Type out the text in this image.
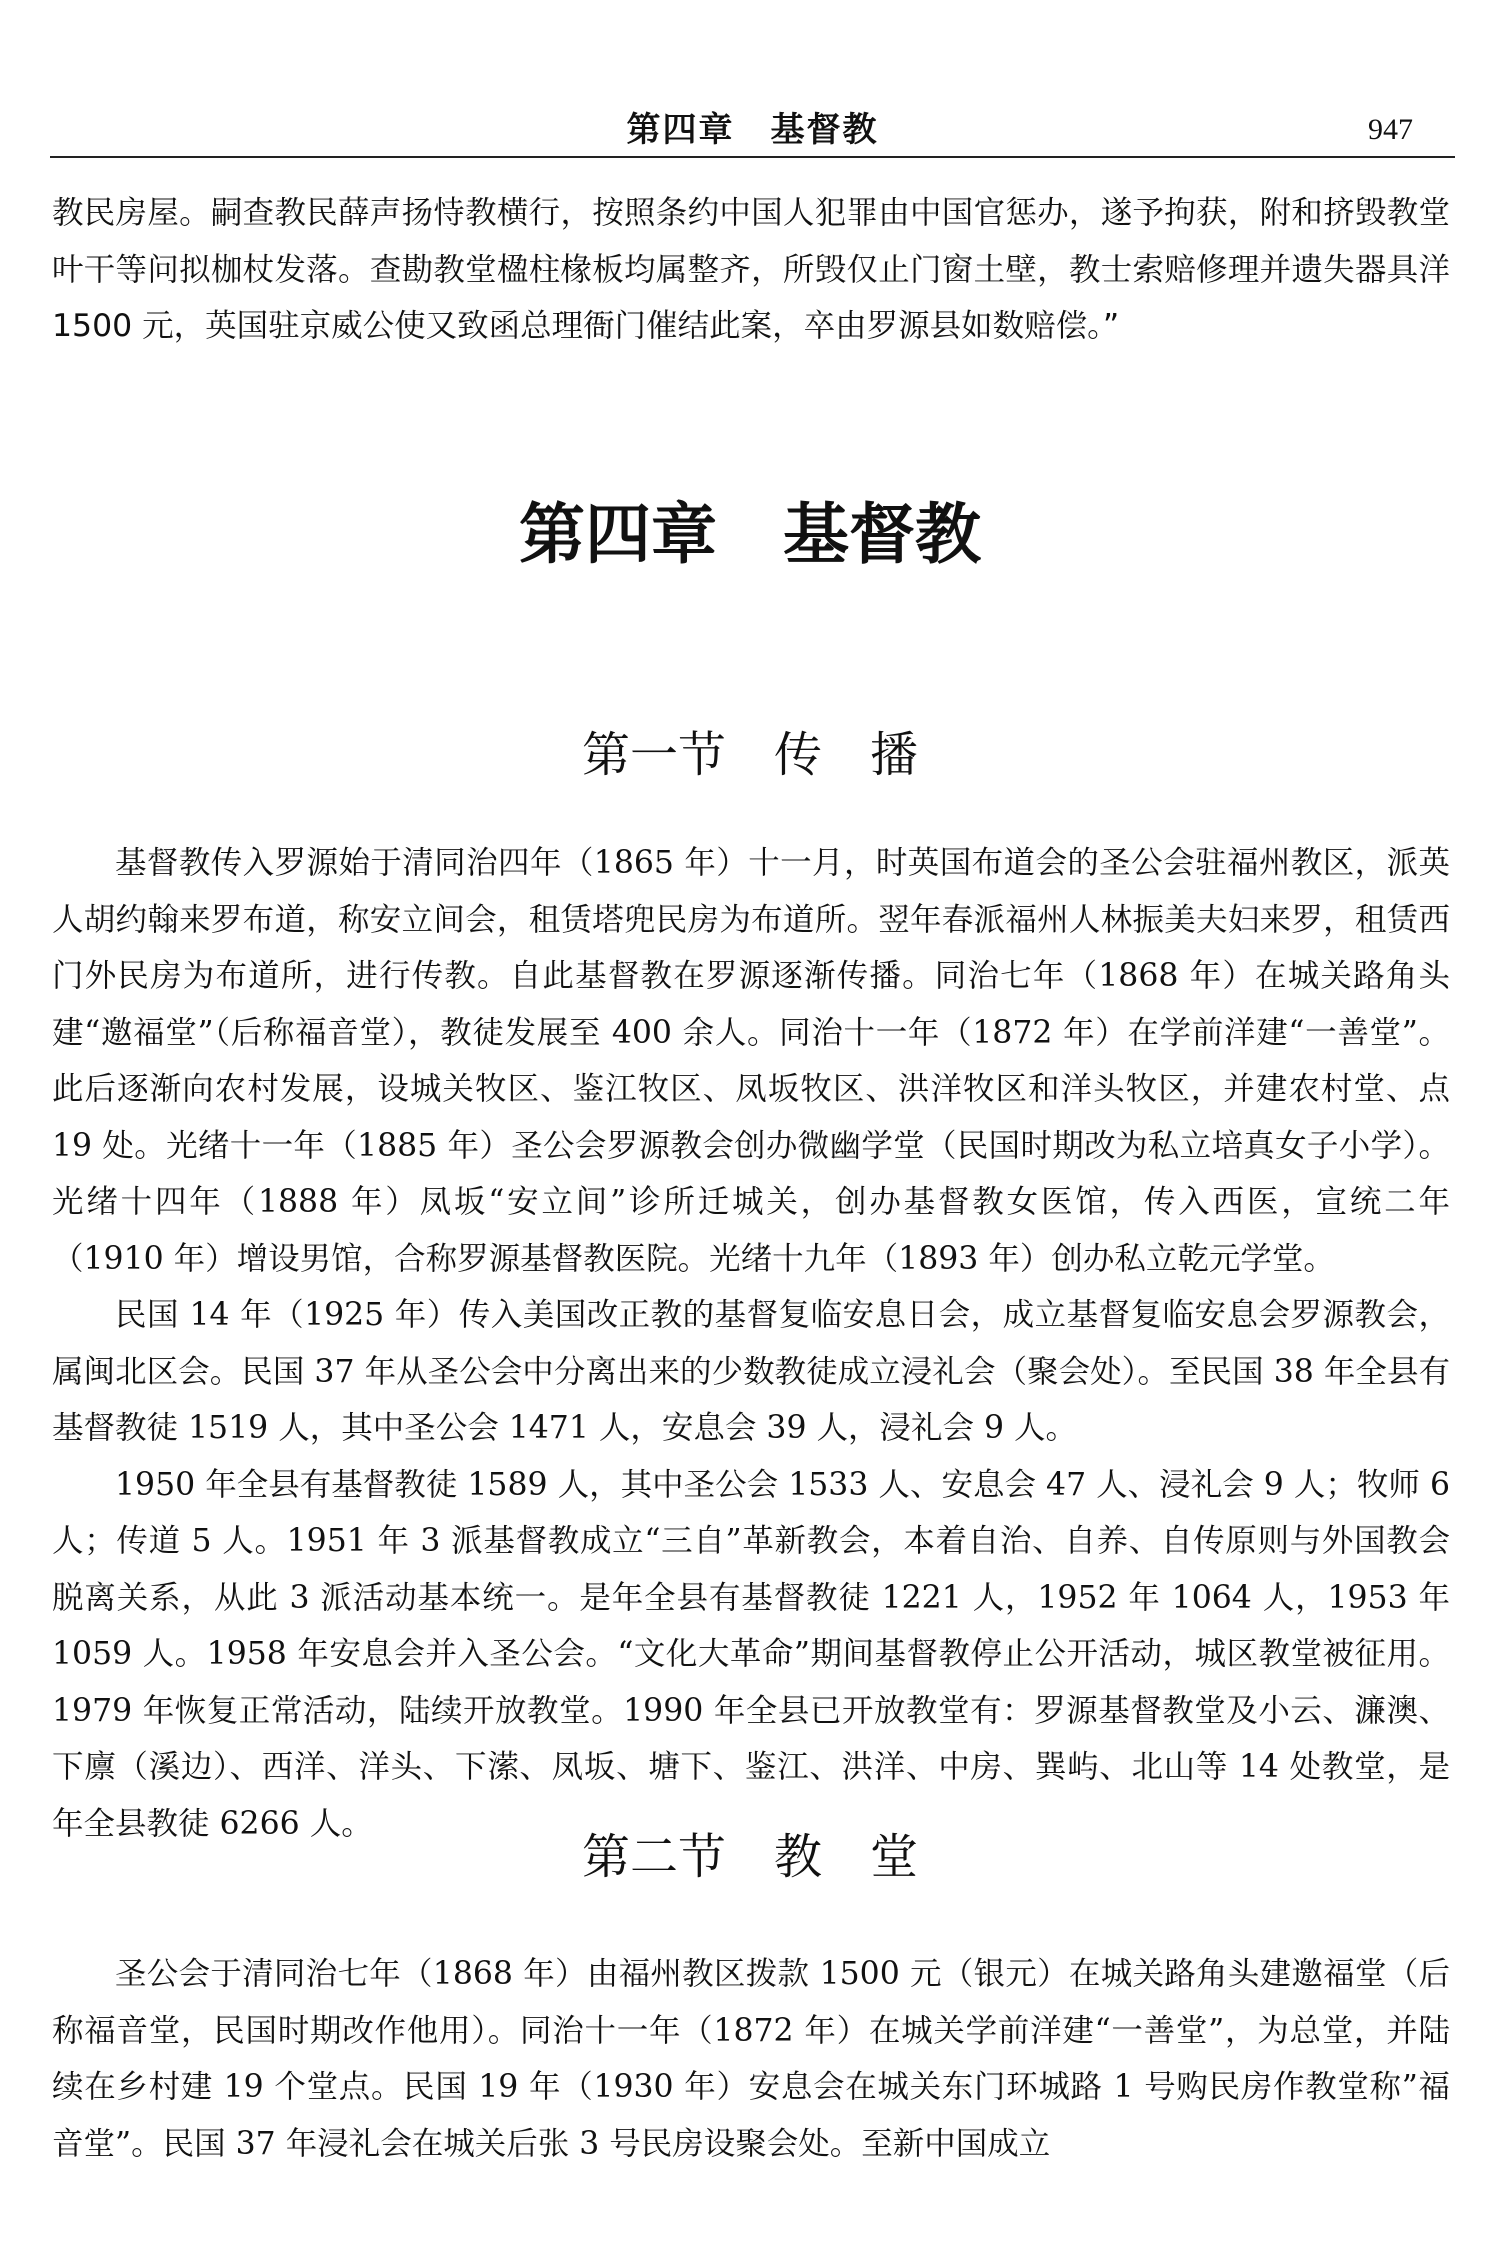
第四章　基督教	947

教民房屋。嗣查教民薛声扬恃教横行，按照条约中国人犯罪由中国官惩办，遂予拘获，附和挤毁教堂叶干等问拟枷杖发落。查勘教堂楹柱椽板均属整齐，所毁仅止门窗土壁，教士索赔修理并遗失器具洋 1500 元，英国驻京威公使又致函总理衙门催结此案，卒由罗源县如数赔偿。”

第四章　基督教
第一节　传　播

基督教传入罗源始于清同治四年（1865 年）十一月，时英国布道会的圣公会驻福州教区，派英人胡约翰来罗布道，称安立间会，租赁塔兜民房为布道所。翌年春派福州人林振美夫妇来罗，租赁西门外民房为布道所，进行传教。自此基督教在罗源逐渐传播。同治七年（1868 年）在城关路角头建“邀福堂”（后称福音堂），教徒发展至 400 余人。同治十一年（1872 年）在学前洋建“一善堂”。此后逐渐向农村发展，设城关牧区、鉴江牧区、凤坂牧区、洪洋牧区和洋头牧区，并建农村堂、点 19 处。光绪十一年（1885 年）圣公会罗源教会创办微幽学堂（民国时期改为私立培真女子小学）。光绪十四年（1888 年）凤坂“安立间”诊所迁城关，创办基督教女医馆，传入西医，宣统二年（1910 年）增设男馆，合称罗源基督教医院。光绪十九年（1893 年）创办私立乾元学堂。

民国 14 年（1925 年）传入美国改正教的基督复临安息日会，成立基督复临安息会罗源教会，属闽北区会。民国 37 年从圣公会中分离出来的少数教徒成立浸礼会（聚会处）。至民国 38 年全县有基督教徒 1519 人，其中圣公会 1471 人，安息会 39 人，浸礼会 9 人。

1950 年全县有基督教徒 1589 人，其中圣公会 1533 人、安息会 47 人、浸礼会 9 人；牧师 6 人；传道 5 人。1951 年 3 派基督教成立“三自”革新教会，本着自治、自养、自传原则与外国教会脱离关系，从此 3 派活动基本统一。是年全县有基督教徒 1221 人，1952 年 1064 人，1953 年 1059 人。1958 年安息会并入圣公会。“文化大革命”期间基督教停止公开活动，城区教堂被征用。1979 年恢复正常活动，陆续开放教堂。1990 年全县已开放教堂有：罗源基督教堂及小云、濂澳、下廪（溪边）、西洋、洋头、下潆、凤坂、塘下、鉴江、洪洋、中房、巽屿、北山等 14 处教堂，是年全县教徒 6266 人。

第二节　教　堂

圣公会于清同治七年（1868 年）由福州教区拨款 1500 元（银元）在城关路角头建邀福堂（后称福音堂，民国时期改作他用）。同治十一年（1872 年）在城关学前洋建“一善堂”，为总堂，并陆续在乡村建 19 个堂点。民国 19 年（1930 年）安息会在城关东门环城路 1 号购民房作教堂称”福音堂”。民国 37 年浸礼会在城关后张 3 号民房设聚会处。至新中国成立
